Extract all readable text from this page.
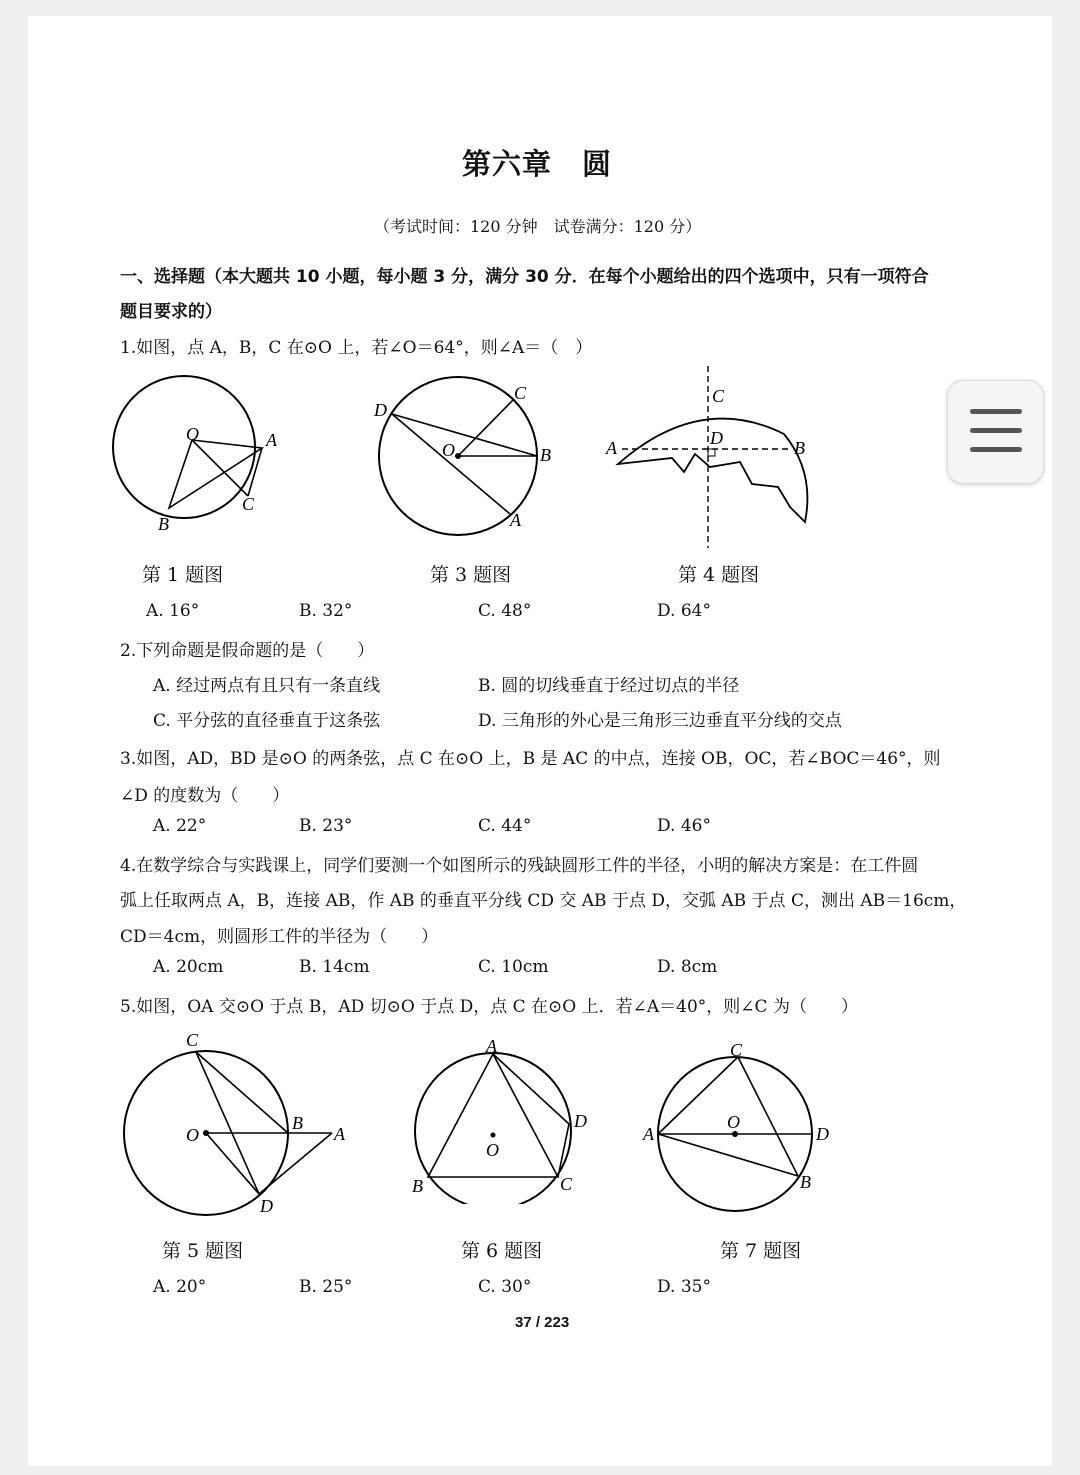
第六章　圆
（考试时间：120 分钟　试卷满分：120 分）
一、选择题（本大题共 10 小题，每小题 3 分，满分 30 分．在每个小题给出的四个选项中，只有一项符合
题目要求的）
1.如图，点 A，B，C 在⊙O 上，若∠O＝64°，则∠A＝（　）
O	A
B
C
D
C
O	B
A
C
D
A	B
第 1 题图	第 3 题图	第 4 题图
A. 16°	B. 32°	C. 48°	D. 64°
2.下列命题是假命题的是（　　）
A. 经过两点有且只有一条直线	B. 圆的切线垂直于经过切点的半径
C. 平分弦的直径垂直于这条弦	D. 三角形的外心是三角形三边垂直平分线的交点
3.如图，AD，BD 是⊙O 的两条弦，点 C 在⊙O 上，B 是 AC 的中点，连接 OB，OC，若∠BOC＝46°，则
∠D 的度数为（　　）
A. 22°	B. 23°	C. 44°	D. 46°
4.在数学综合与实践课上，同学们要测一个如图所示的残缺圆形工件的半径，小明的解决方案是：在工件圆
弧上任取两点 A，B，连接 AB，作 AB 的垂直平分线 CD 交 AB 于点 D，交弧 AB 于点 C，测出 AB＝16cm，
CD＝4cm，则圆形工件的半径为（　　）
A. 20cm	B. 14cm	C. 10cm	D. 8cm
5.如图，OA 交⊙O 于点 B，AD 切⊙O 于点 D，点 C 在⊙O 上．若∠A＝40°，则∠C 为（　　）
C
O
B
A
D
A
D
O
B	C
C
O
A	D
B
第 5 题图	第 6 题图	第 7 题图
A. 20°	B. 25°	C. 30°	D. 35°
37 / 223
